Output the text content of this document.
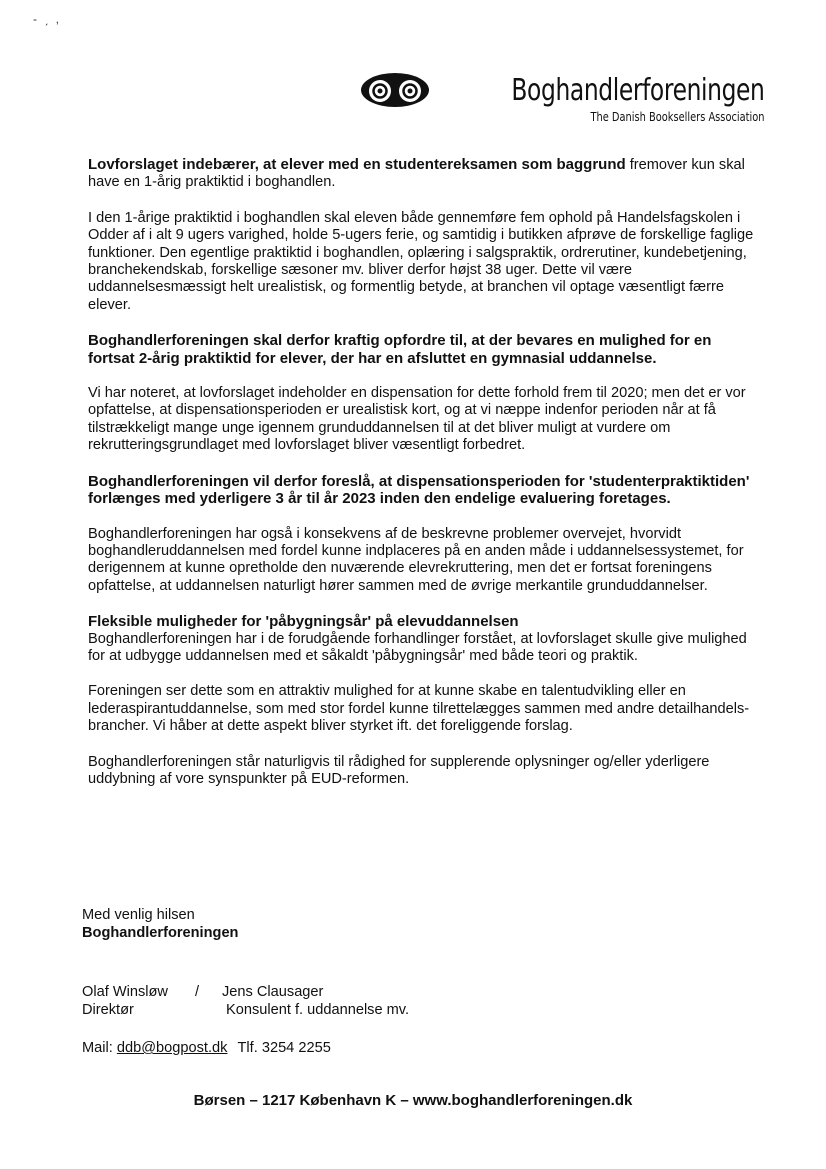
- ˏ ,
Boghandlerforeningen
The Danish Booksellers Association

Lovforslaget indebærer, at elever med en studentereksamen som baggrund fremover kun skal have en 1-årig praktiktid i boghandlen.

I den 1-årige praktiktid i boghandlen skal eleven både gennemføre fem ophold på Handelsfagskolen i Odder af i alt 9 ugers varighed, holde 5-ugers ferie, og samtidig i butikken afprøve de forskellige faglige funktioner. Den egentlige praktiktid i boghandlen, oplæring i salgspraktik, ordrerutiner, kundebetjening, branchekendskab, forskellige sæsoner mv. bliver derfor højst 38 uger. Dette vil være uddannelsesmæssigt helt urealistisk, og formentlig betyde, at branchen vil optage væsentligt færre elever.

Boghandlerforeningen skal derfor kraftig opfordre til, at der bevares en mulighed for en fortsat 2-årig praktiktid for elever, der har en afsluttet en gymnasial uddannelse.

Vi har noteret, at lovforslaget indeholder en dispensation for dette forhold frem til 2020; men det er vor opfattelse, at dispensationsperioden er urealistisk kort, og at vi næppe indenfor perioden når at få tilstrækkeligt mange unge igennem grunduddannelsen til at det bliver muligt at vurdere om rekrutteringsgrundlaget med lovforslaget bliver væsentligt forbedret.

Boghandlerforeningen vil derfor foreslå, at dispensationsperioden for 'studenterpraktiktiden' forlænges med yderligere 3 år til år 2023 inden den endelige evaluering foretages.

Boghandlerforeningen har også i konsekvens af de beskrevne problemer overvejet, hvorvidt boghandleruddannelsen med fordel kunne indplaceres på en anden måde i uddannelsessystemet, for derigennem at kunne opretholde den nuværende elevrekruttering, men det er fortsat foreningens opfattelse, at uddannelsen naturligt hører sammen med de øvrige merkantile grunduddannelser.

Fleksible muligheder for 'påbygningsår' på elevuddannelsen

Boghandlerforeningen har i de forudgående forhandlinger forstået, at lovforslaget skulle give mulighed for at udbygge uddannelsen med et såkaldt 'påbygningsår' med både teori og praktik.

Foreningen ser dette som en attraktiv mulighed for at kunne skabe en talentudvikling eller en lederaspirantuddannelse, som med stor fordel kunne tilrettelægges sammen med andre detailhandels-brancher. Vi håber at dette aspekt bliver styrket ift. det foreliggende forslag.

Boghandlerforeningen står naturligvis til rådighed for supplerende oplysninger og/eller yderligere uddybning af vore synspunkter på EUD-reformen.

Med venlig hilsen
Boghandlerforeningen
Olaf Winsløw
Direktør
/ Jens Clausager
Konsulent f. uddannelse mv.
Mail: ddb@bogpost.dk Tlf. 3254 2255
Børsen – 1217 København K – www.boghandlerforeningen.dk
